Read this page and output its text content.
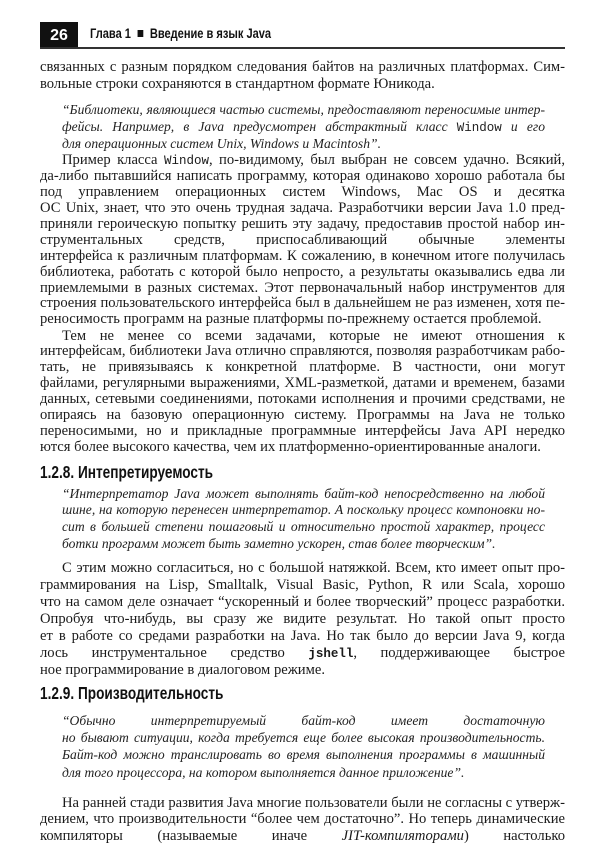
26	Глава 1 Введение в язык Java
связанных с разным порядком следования байтов на различных платформах. Сим-
вольные строки сохраняются в стандартном формате Юникода.
“Библиотеки, являющиеся частью системы, предоставляют переносимые интер-
фейсы. Например, в Java предусмотрен абстрактный класс Window и его
для операционных систем Unix, Windows и Macintosh”.
Пример класса Window, по-видимому, был выбран не совсем удачно. Всякий,
да-либо пытавшийся написать программу, которая одинаково хорошо работала бы
под управлением операционных систем Windows, Mac OS и десятка
ОС Unix, знает, что это очень трудная задача. Разработчики версии Java 1.0 пред-
приняли героическую попытку решить эту задачу, предоставив простой набор ин-
струментальных средств, приспосабливающий обычные элементы
интерфейса к различным платформам. К сожалению, в конечном итоге получилась
библиотека, работать с которой было непросто, а результаты оказывались едва ли
приемлемыми в разных системах. Этот первоначальный набор инструментов для
строения пользовательского интерфейса был в дальнейшем не раз изменен, хотя пе-
реносимость программ на разные платформы по-прежнему остается проблемой.
Тем не менее со всеми задачами, которые не имеют отношения к
интерфейсам, библиотеки Java отлично справляются, позволяя разработчикам рабо-
тать, не привязываясь к конкретной платформе. В частности, они могут
файлами, регулярными выражениями, XML-разметкой, датами и временем, базами
данных, сетевыми соединениями, потоками исполнения и прочими средствами, не
опираясь на базовую операционную систему. Программы на Java не только
переносимыми, но и прикладные программные интерфейсы Java API нередко
ются более высокого качества, чем их платформенно-ориентированные аналоги.
1.2.8. Интепретируемость
“Интерпретатор Java может выполнять байт-код непосредственно на любой
шине, на которую перенесен интерпретатор. А поскольку процесс компоновки но-
сит в большей степени пошаговый и относительно простой характер, процесс
ботки программ может быть заметно ускорен, став более творческим”.
С этим можно согласиться, но с большой натяжкой. Всем, кто имеет опыт про-
граммирования на Lisp, Smalltalk, Visual Basic, Python, R или Scala, хорошо
что на самом деле означает “ускоренный и более творческий” процесс разработки.
Опробуя что-нибудь, вы сразу же видите результат. Но такой опыт просто
ет в работе со средами разработки на Java. Но так было до версии Java 9, когда
лось инструментальное средство jshell, поддерживающее быстрое
ное программирование в диалоговом режиме.
1.2.9. Производительность
“Обычно интерпретируемый байт-код имеет достаточную
но бывают ситуации, когда требуется еще более высокая производительность.
Байт-код можно транслировать во время выполнения программы в машинный
для того процессора, на котором выполняется данное приложение”.
На ранней стади развития Java многие пользователи были не согласны с утверж-
дением, что производительности “более чем достаточно”. Но теперь динамические
компиляторы (называемые иначе JIT-компиляторами) настолько
